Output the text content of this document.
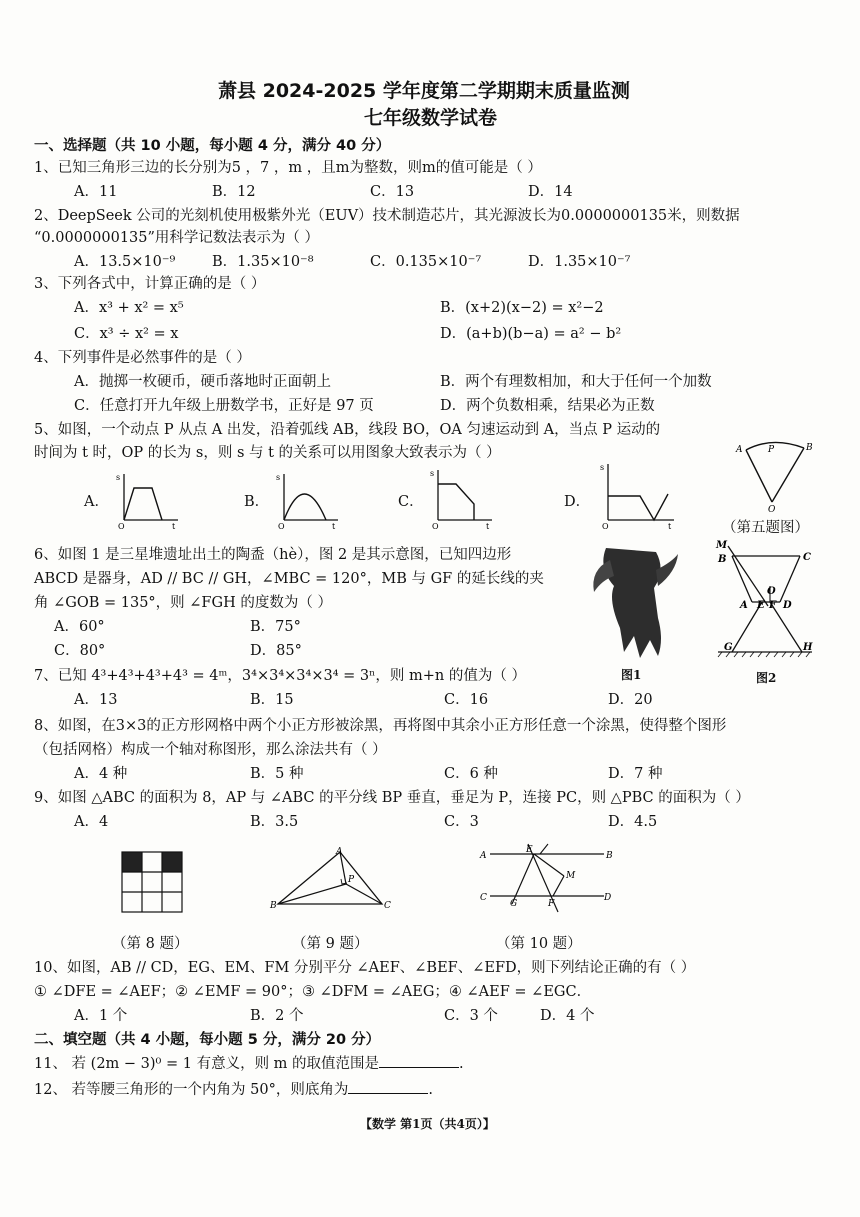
萧县 2024-2025 学年度第二学期期末质量监测
七年级数学试卷
一、选择题（共 10 小题，每小题 4 分，满分 40 分）
1、已知三角形三边的长分别为5 ，7 ，m ，且m为整数，则m的值可能是（ ）
A．11	B．12	C．13	D．14
2、DeepSeek 公司的光刻机使用极紫外光（EUV）技术制造芯片，其光源波长为0.0000000135米，则数据
“0.0000000135”用科学记数法表示为（ ）
A．13.5×10⁻⁹	B．1.35×10⁻⁸	C．0.135×10⁻⁷	D．1.35×10⁻⁷
3、下列各式中，计算正确的是（ ）
A．x³ + x² = x⁵	B．(x+2)(x−2) = x²−2
C．x³ ÷ x² = x	D．(a+b)(b−a) = a² − b²
4、下列事件是必然事件的是（ ）
A．抛掷一枚硬币，硬币落地时正面朝上	B．两个有理数相加，和大于任何一个加数
C．任意打开九年级上册数学书，正好是 97 页	D．两个负数相乘，结果必为正数
5、如图，一个动点 P 从点 A 出发，沿着弧线 AB，线段 BO，OA 匀速运动到 A，当点 P 运动的
时间为 t 时，OP 的长为 s，则 s 与 t 的关系可以用图象大致表示为（ ）
A．
s
O	t
B．
s
O	t
C．
s
O	t
D．
s
O	t
A	P	B
O
（第五题图）
6、如图 1 是三星堆遗址出土的陶盉（hè），图 2 是其示意图，已知四边形
ABCD 是器身，AD // BC // GH，∠MBC = 120°，MB 与 GF 的延长线的夹
角 ∠GOB = 135°，则 ∠FGH 的度数为（ ）
A．60°	B．75°
C．80°	D．85°
图1
M
B	C
O
A E F D
G	H
图2
7、已知 4³+4³+4³+4³ = 4ᵐ，3⁴×3⁴×3⁴×3⁴ = 3ⁿ，则 m+n 的值为（ ）
A．13	B．15	C．16	D．20
8、如图，在3×3的正方形网格中两个小正方形被涂黑，再将图中其余小正方形任意一个涂黑，使得整个图形
（包括网格）构成一个轴对称图形，那么涂法共有（ ）
A．4 种	B．5 种	C．6 种	D．7 种
9、如图 △ABC 的面积为 8，AP 与 ∠ABC 的平分线 BP 垂直，垂足为 P，连接 PC，则 △PBC 的面积为（ ）
A．4	B．3.5	C．3	D．4.5
（第 8 题）
A
B	C
P
（第 9 题）
A	B
C	D
E
F
G
M
（第 10 题）
10、如图，AB // CD，EG、EM、FM 分别平分 ∠AEF、∠BEF、∠EFD，则下列结论正确的有（ ）
① ∠DFE = ∠AEF；② ∠EMF = 90°；③ ∠DFM = ∠AEG；④ ∠AEF = ∠EGC．
A．1 个	B．2 个	C．3 个	D．4 个
二、填空题（共 4 小题，每小题 5 分，满分 20 分）
11、 若 (2m − 3)⁰ = 1 有意义，则 m 的取值范围是	.
12、 若等腰三角形的一个内角为 50°，则底角为	.
【数学 第1页（共4页）】
